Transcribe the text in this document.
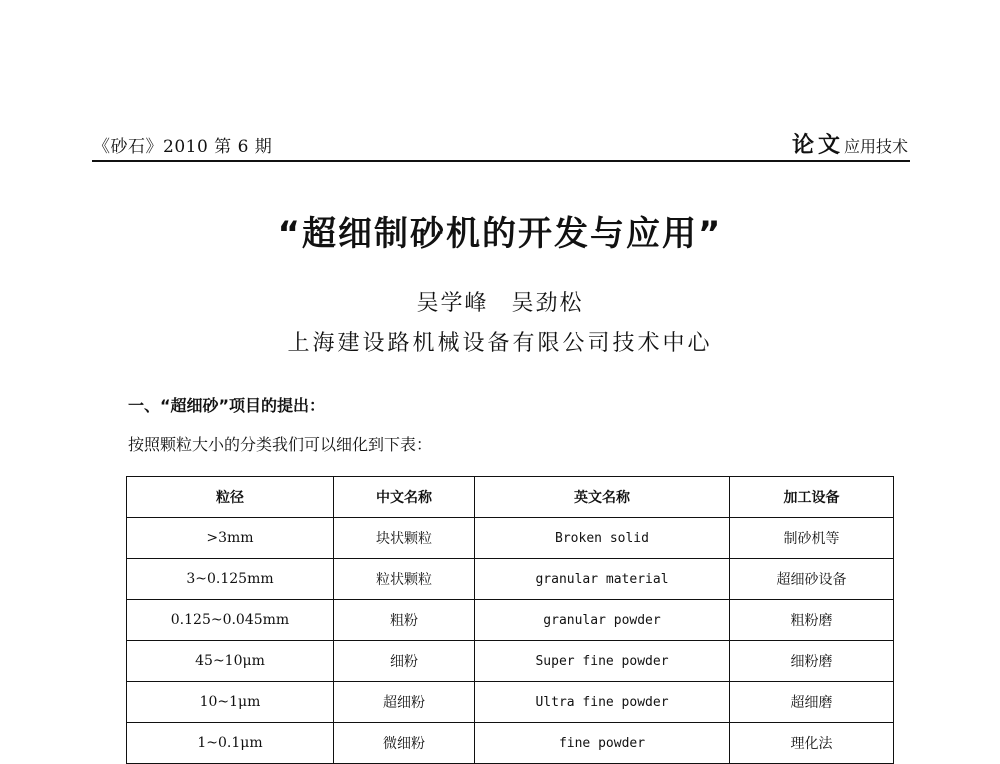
《砂石》2010 第 6 期	论文应用技术
“超细制砂机的开发与应用”
吴学峰 吴劲松
上海建设路机械设备有限公司技术中心
一、“超细砂”项目的提出：
按照颗粒大小的分类我们可以细化到下表：
粒径	中文名称	英文名称	加工设备
>3mm	块状颗粒	Broken solid	制砂机等
3~0.125mm	粒状颗粒	granular material	超细砂设备
0.125~0.045mm	粗粉	granular powder	粗粉磨
45~10μm	细粉	Super fine powder	细粉磨
10~1μm	超细粉	Ultra fine powder	超细磨
1~0.1μm	微细粉	fine powder	理化法
